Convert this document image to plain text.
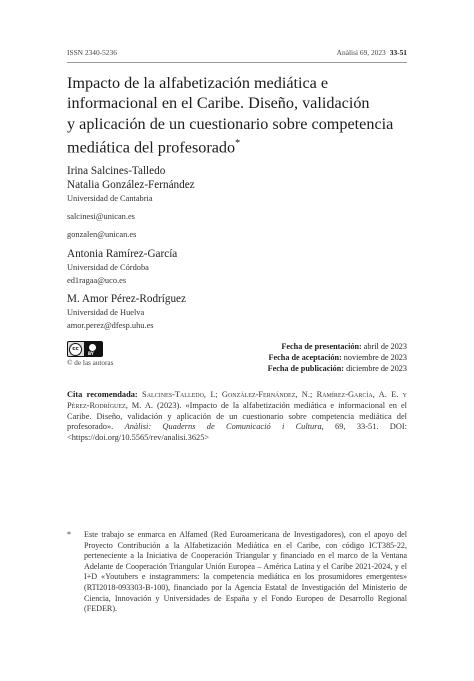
ISSN 2340-5236	Anàlisi 69, 2023 33-51
Impacto de la alfabetización mediática e
informacional en el Caribe. Diseño, validación
y aplicación de un cuestionario sobre competencia
mediática del profesorado*
Irina Salcines-Talledo
Natalia González-Fernández
Universidad de Cantabria
salcinesi@unican.es
gonzalen@unican.es
Antonia Ramírez-García
Universidad de Córdoba
ed1ragaa@uco.es
M. Amor Pérez-Rodríguez
Universidad de Huelva
amor.perez@dfesp.uhu.es
cc
BY
© de las autoras
Fecha de presentación: abril de 2023
Fecha de aceptación: noviembre de 2023
Fecha de publicación: diciembre de 2023
Cita recomendada: Salcines-Talledo, I.; González-Fernández, N.; Ramírez-García, A. E. y Pérez-Rodríguez, M. A. (2023). «Impacto de la alfabetización mediática e informacional en el Caribe. Diseño, validación y aplicación de un cuestionario sobre competencia mediática del profesorado». Anàlisi: Quaderns de Comunicació i Cultura, 69, 33-51. DOI: <https://doi.org/10.5565/rev/analisi.3625>
* Este trabajo se enmarca en Alfamed (Red Euroamericana de Investigadores), con el apoyo del Proyecto Contribución a la Alfabetización Mediática en el Caribe, con código ICT385-22, perteneciente a la Iniciativa de Cooperación Triangular y financiado en el marco de la Ventana Adelante de Cooperación Triangular Unión Europea – América Latina y el Caribe 2021-2024, y el I+D «Youtubers e instagrammers: la competencia mediática en los prosumidores emergentes» (RTI2018-093303-B-100), financiado por la Agencia Estatal de Investigación del Ministerio de Ciencia, Innovación y Universidades de España y el Fondo Europeo de Desarrollo Regional (FEDER).
